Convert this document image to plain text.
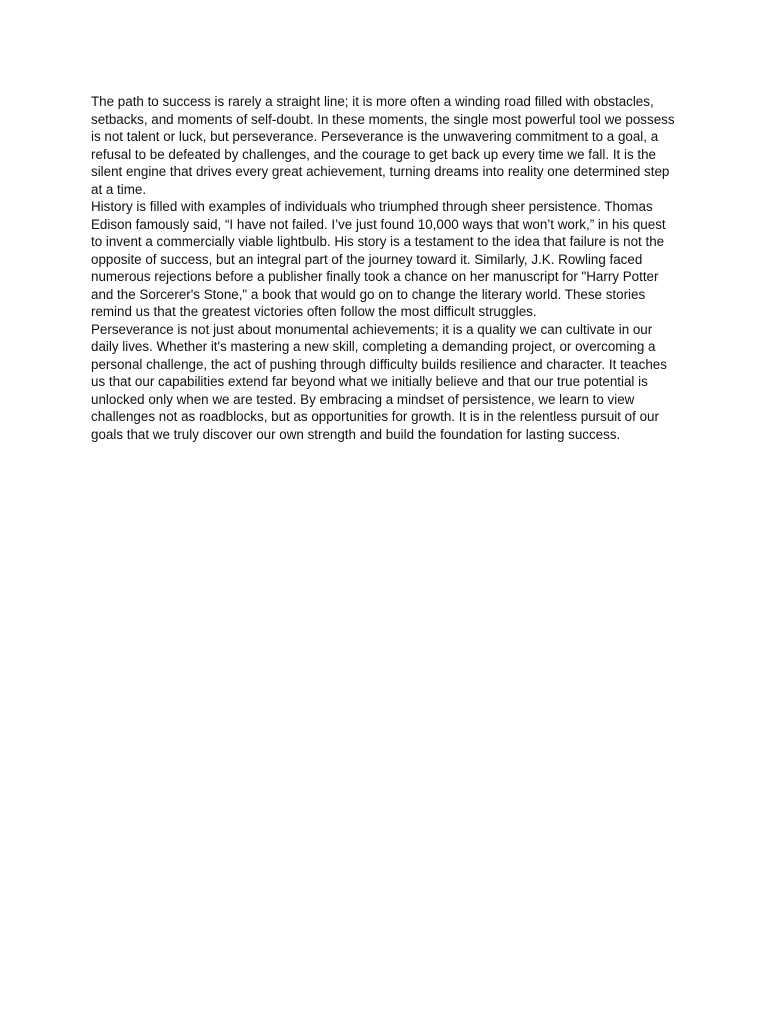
The path to success is rarely a straight line; it is more often a winding road filled with obstacles, setbacks, and moments of self-doubt. In these moments, the single most powerful tool we possess is not talent or luck, but perseverance. Perseverance is the unwavering commitment to a goal, a refusal to be defeated by challenges, and the courage to get back up every time we fall. It is the silent engine that drives every great achievement, turning dreams into reality one determined step at a time.

History is filled with examples of individuals who triumphed through sheer persistence. Thomas Edison famously said, “I have not failed. I’ve just found 10,000 ways that won’t work,” in his quest to invent a commercially viable lightbulb. His story is a testament to the idea that failure is not the opposite of success, but an integral part of the journey toward it. Similarly, J.K. Rowling faced numerous rejections before a publisher finally took a chance on her manuscript for "Harry Potter and the Sorcerer's Stone," a book that would go on to change the literary world. These stories remind us that the greatest victories often follow the most difficult struggles.

Perseverance is not just about monumental achievements; it is a quality we can cultivate in our daily lives. Whether it's mastering a new skill, completing a demanding project, or overcoming a personal challenge, the act of pushing through difficulty builds resilience and character. It teaches us that our capabilities extend far beyond what we initially believe and that our true potential is unlocked only when we are tested. By embracing a mindset of persistence, we learn to view challenges not as roadblocks, but as opportunities for growth. It is in the relentless pursuit of our goals that we truly discover our own strength and build the foundation for lasting success.
